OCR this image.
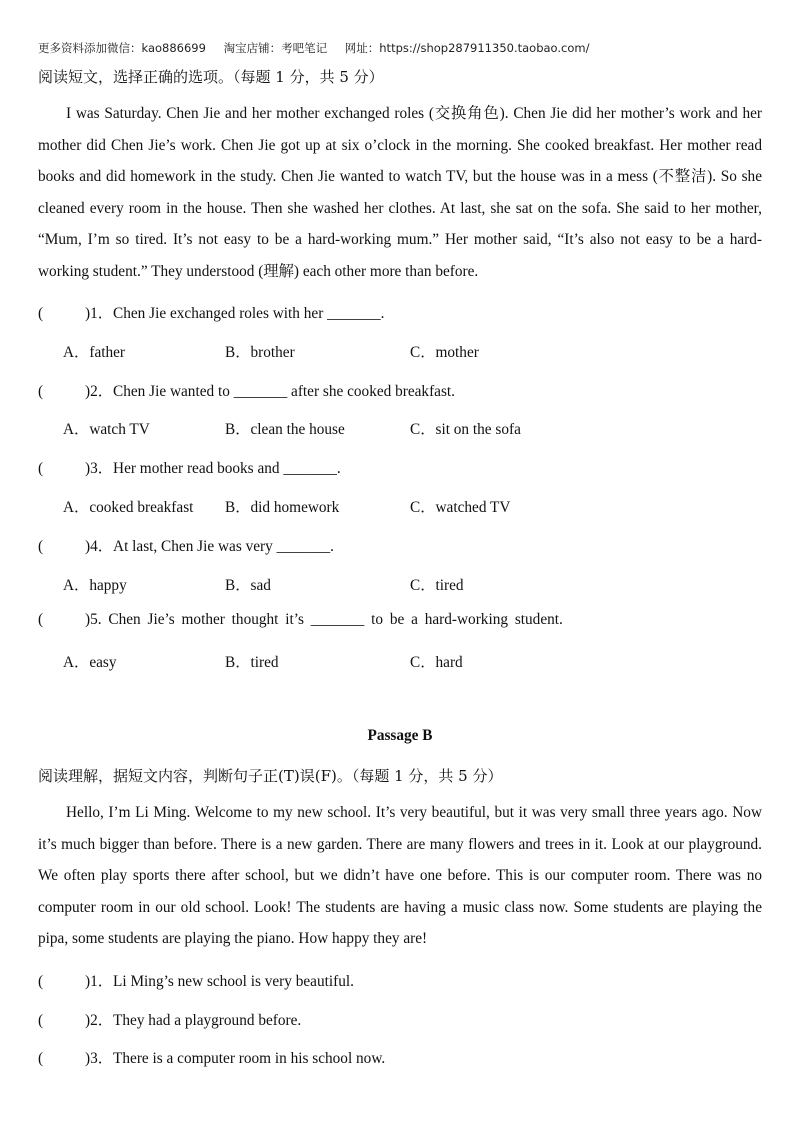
更多资料添加微信：kao886699 淘宝店铺：考吧笔记 网址：https://shop287911350.taobao.com/
阅读短文，选择正确的选项。（每题 1 分，共 5 分）

I was Saturday. Chen Jie and her mother exchanged roles (交换角色). Chen Jie did her mother’s work and her mother did Chen Jie’s work. Chen Jie got up at six o’clock in the morning. She cooked breakfast. Her mother read books and did homework in the study. Chen Jie wanted to watch TV, but the house was in a mess (不整洁). So she cleaned every room in the house. Then she washed her clothes. At last, she sat on the sofa. She said to her mother, “Mum, I’m so tired. It’s not easy to be a hard-working mum.” Her mother said, “It’s also not easy to be a hard-working student.” They understood (理解) each other more than before.

(	)1．Chen Jie exchanged roles with her _______.
A．father	B．brother	C．mother
(	)2．Chen Jie wanted to _______ after she cooked breakfast.
A．watch TV	B．clean the house	C．sit on the sofa
(	)3．Her mother read books and _______.
A．cooked breakfast B．did homework	C．watched TV
(	)4．At last, Chen Jie was very _______.
A．happy	B．sad	C．tired
(	)5. Chen Jie’s mother thought it’s _______ to be a hard-working student.
A．easy	B．tired	C．hard
Passage B
阅读理解，据短文内容，判断句子正(T)误(F)。（每题 1 分，共 5 分）

Hello, I’m Li Ming. Welcome to my new school. It’s very beautiful, but it was very small three years ago. Now it’s much bigger than before. There is a new garden. There are many flowers and trees in it. Look at our playground. We often play sports there after school, but we didn’t have one before. This is our computer room. There was no computer room in our old school. Look! The students are having a music class now. Some students are playing the pipa, some students are playing the piano. How happy they are!

(	)1．Li Ming’s new school is very beautiful.
(	)2．They had a playground before.
(	)3．There is a computer room in his school now.
